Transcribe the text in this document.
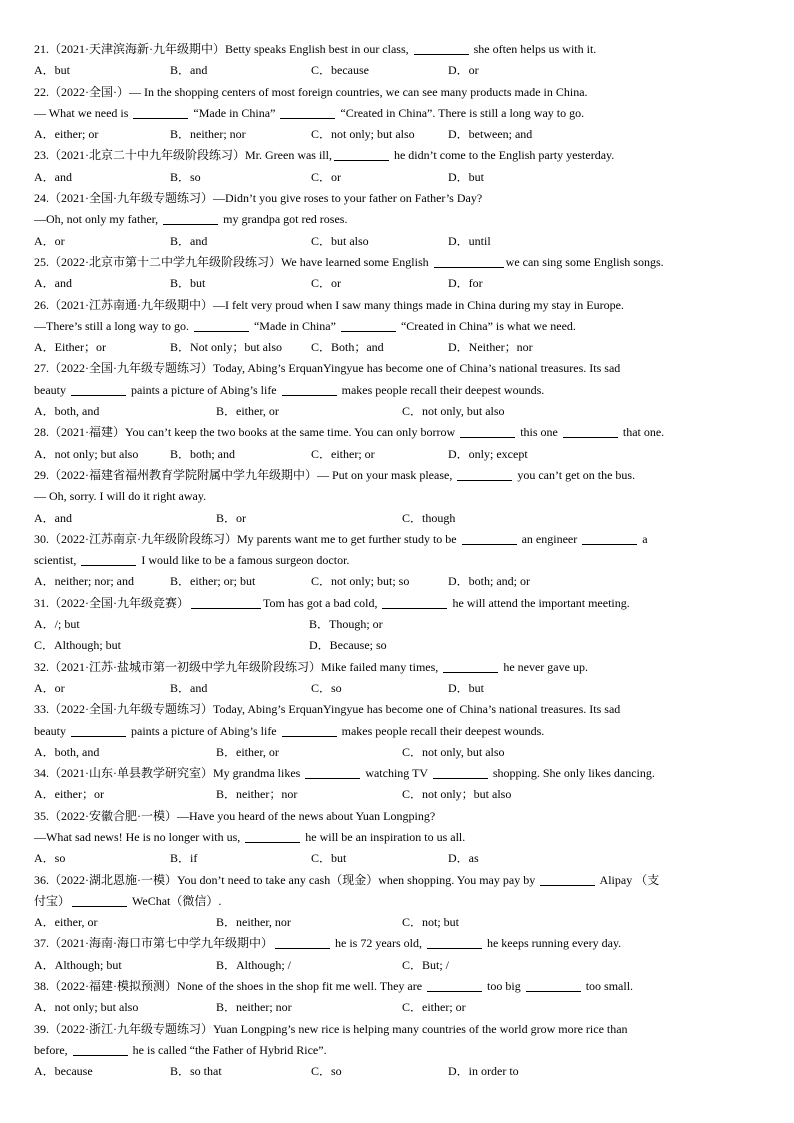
21.（2021·天津滨海新·九年级期中）Betty speaks English best in our class,	she often helps us with it.
A．but	B．and	C．because	D．or
22.（2022·全国·）— In the shopping centers of most foreign countries, we can see many products made in China.
— What we need is	“Made in China”	“Created in China”. There is still a long way to go.
A．either; or	B．neither; nor	C．not only; but also	D．between; and
23.（2021·北京二十中九年级阶段练习）Mr. Green was ill,	he didn’t come to the English party yesterday.
A．and	B．so	C．or	D．but
24.（2021·全国·九年级专题练习）—Didn’t you give roses to your father on Father’s Day?
—Oh, not only my father,	my grandpa got red roses.
A．or	B．and	C．but also	D．until
25.（2022·北京市第十二中学九年级阶段练习）We have learned some English	we can sing some English songs.
A．and	B．but	C．or	D．for
26.（2021·江苏南通·九年级期中）—I felt very proud when I saw many things made in China during my stay in Europe.
—There’s still a long way to go.	“Made in China”	“Created in China” is what we need.
A．Either；or	B．Not only；but also C．Both；and	D．Neither；nor
27.（2022·全国·九年级专题练习）Today, Abing’s ErquanYingyue has become one of China’s national treasures. Its sad
beauty	paints a picture of Abing’s life	makes people recall their deepest wounds.
A．both, and	B．either, or	C．not only, but also
28.（2021·福建）You can’t keep the two books at the same time. You can only borrow	this one	that one.
A．not only; but also	B．both; and	C．either; or	D．only; except
29.（2022·福建省福州教育学院附属中学九年级期中）— Put on your mask please,	you can’t get on the bus.
— Oh, sorry. I will do it right away.
A．and	B．or	C．though
30.（2022·江苏南京·九年级阶段练习）My parents want me to get further study to be	an engineer	a
scientist,	I would like to be a famous surgeon doctor.
A．neither; nor; and	B．either; or; but	C．not only; but; so	D．both; and; or
31.（2022·全国·九年级竞赛）	Tom has got a bad cold,	he will attend the important meeting.
A．/; but	B．Though; or
C．Although; but	D．Because; so
32.（2021·江苏·盐城市第一初级中学九年级阶段练习）Mike failed many times,	he never gave up.
A．or	B．and	C．so	D．but
33.（2022·全国·九年级专题练习）Today, Abing’s ErquanYingyue has become one of China’s national treasures. Its sad
beauty	paints a picture of Abing’s life	makes people recall their deepest wounds.
A．both, and	B．either, or	C．not only, but also
34.（2021·山东·单县教学研究室）My grandma likes	watching TV	shopping. She only likes dancing.
A．either；or	B．neither；nor	C．not only；but also
35.（2022·安徽合肥·一模）—Have you heard of the news about Yuan Longping?
—What sad news! He is no longer with us,	he will be an inspiration to us all.
A．so	B．if	C．but	D．as
36.（2022·湖北恩施·一模）You don’t need to take any cash（现金）when shopping. You may pay by	Alipay （支
付宝）	WeChat（微信）.
A．either, or	B．neither, nor	C．not; but
37.（2021·海南·海口市第七中学九年级期中）	he is 72 years old,	he keeps running every day.
A．Although; but	B．Although; /	C．But; /
38.（2022·福建·模拟预测）None of the shoes in the shop fit me well. They are	too big	too small.
A．not only; but also	B．neither; nor	C．either; or
39.（2022·浙江·九年级专题练习）Yuan Longping’s new rice is helping many countries of the world grow more rice than
before,	he is called “the Father of Hybrid Rice”.
A．because	B．so that	C．so	D．in order to
